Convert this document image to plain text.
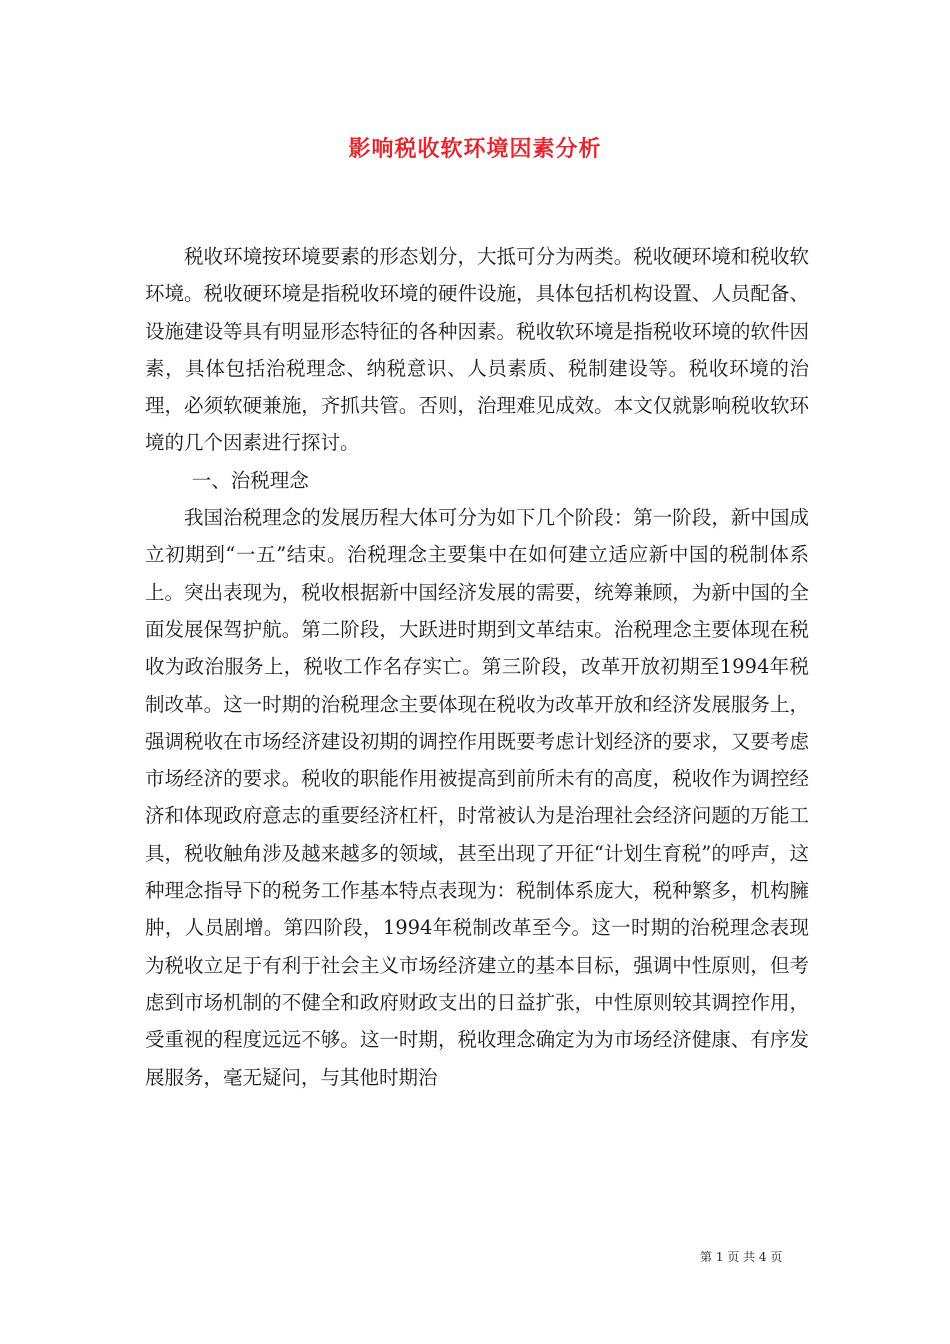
影响税收软环境因素分析

税收环境按环境要素的形态划分，大抵可分为两类。税收硬环境和税收软环境。税收硬环境是指税收环境的硬件设施，具体包括机构设置、人员配备、设施建设等具有明显形态特征的各种因素。税收软环境是指税收环境的软件因素，具体包括治税理念、纳税意识、人员素质、税制建设等。税收环境的治理，必须软硬兼施，齐抓共管。否则，治理难见成效。本文仅就影响税收软环境的几个因素进行探讨。

一、治税理念

我国治税理念的发展历程大体可分为如下几个阶段：第一阶段，新中国成立初期到“一五”结束。治税理念主要集中在如何建立适应新中国的税制体系上。突出表现为，税收根据新中国经济发展的需要，统筹兼顾，为新中国的全面发展保驾护航。第二阶段，大跃进时期到文革结束。治税理念主要体现在税收为政治服务上，税收工作名存实亡。第三阶段，改革开放初期至1994年税制改革。这一时期的治税理念主要体现在税收为改革开放和经济发展服务上，强调税收在市场经济建设初期的调控作用既要考虑计划经济的要求，又要考虑市场经济的要求。税收的职能作用被提高到前所未有的高度，税收作为调控经济和体现政府意志的重要经济杠杆，时常被认为是治理社会经济问题的万能工具，税收触角涉及越来越多的领域，甚至出现了开征“计划生育税”的呼声，这种理念指导下的税务工作基本特点表现为：税制体系庞大，税种繁多，机构臃肿，人员剧增。第四阶段，1994年税制改革至今。这一时期的治税理念表现为税收立足于有利于社会主义市场经济建立的基本目标，强调中性原则，但考虑到市场机制的不健全和政府财政支出的日益扩张，中性原则较其调控作用，受重视的程度远远不够。这一时期，税收理念确定为为市场经济健康、有序发展服务，毫无疑问，与其他时期治

第 1 页 共 4 页
